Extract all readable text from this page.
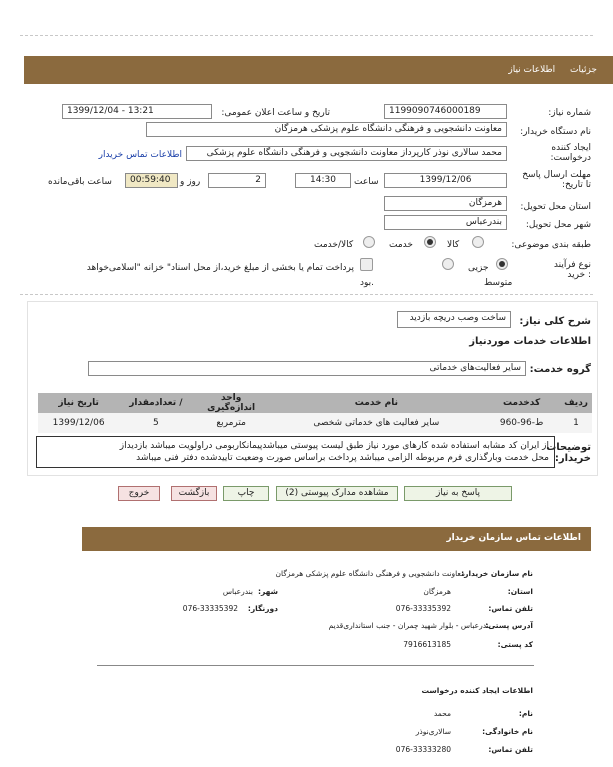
جزئیات اطلاعات نیاز
شماره نیاز:
1199090746000189
تاریخ و ساعت اعلان عمومی:
1399/12/04 - 13:21
نام دستگاه خریدار:
معاونت دانشجویی و فرهنگی دانشگاه علوم پزشکی هرمزگان
ایجاد کننده
درخواست:
محمد سالاری نوذر کارپرداز معاونت دانشجویی و فرهنگی دانشگاه علوم پزشکی
اطلاعات تماس خریدار
مهلت ارسال پاسخ
تا تاریخ:
1399/12/06
ساعت
14:30
2
روز و
00:59:40
ساعت باقی‌مانده
استان محل تحویل:
هرمزگان
شهر محل تحویل:
بندرعباس
طبقه بندی موضوعی:
کالا
خدمت
کالا/خدمت
نوع فرآیند
: خرید
جزیی
متوسط
پرداخت تمام یا بخشی از مبلغ خرید،از محل اسناد" خزانه "اسلامی‌خواهد
بود.
شرح کلی نیاز:
ساخت وصب دریچه بازدید
اطلاعات خدمات مورد‌نیاز
گروه خدمت:
سایر فعالیت‌های خدماتی
ردیف	کدخدمت	نام خدمت	واحد اندازه‌گیری	/ تعدادمقدار	تاریخ نیاز
1	ط-96-960	سایر فعالیت های خدماتی شخصی	مترمربع	5	1399/12/06
توضیحات
خریدار:
از ایران کد مشابه استفاده شده کارهای مورد نیاز طبق لیست پیوستی میباشدپیمانکاربومی دراولویت میباشد بازدیداز
محل خدمت وبارگذاری فرم مربوطه الزامی میباشد پرداخت براساس صورت وضعیت تاییدشده دفتر فنی میباشد
پاسخ به نیاز
مشاهده مدارک پیوستی (2)
چاپ
بازگشت
خروج
اطلاعات تماس سازمان خریدار
نام سازمان خریدار:
معاونت دانشجویی و فرهنگی دانشگاه علوم پزشکی هرمزگان
استان:
هرمزگان
شهر:
بندرعباس
تلفن تماس:
076-33335392
دورنگار:
076-33335392
آدرس پستی:
بندرعباس - بلوار شهید چمران - جنب استانداری‌قدیم
کد پستی:
7916613185
اطلاعات ایجاد کننده درخواست
نام:
محمد
نام خانوادگی:
سالاری‌نوذر
تلفن تماس:
076-33333280
